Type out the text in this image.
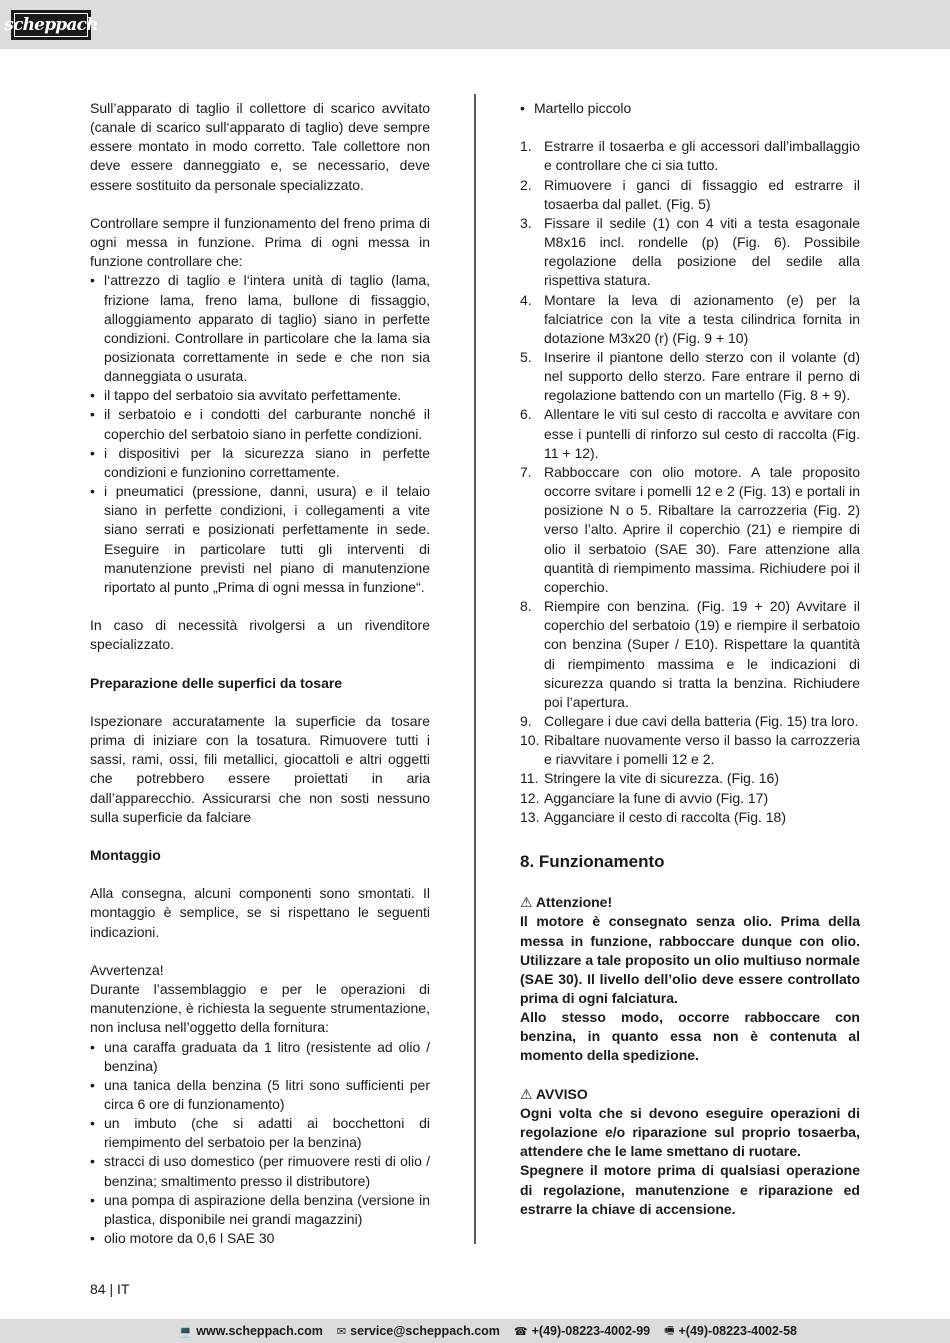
scheppach

Sull’apparato di taglio il collettore di scarico avvitato (canale di scarico sull‘apparato di taglio) deve sempre essere montato in modo corretto. Tale collettore non deve essere danneggiato e, se necessario, deve essere sostituito da personale specializzato.

Controllare sempre il funzionamento del freno prima di ogni messa in funzione. Prima di ogni messa in funzione controllare che:

• l‘attrezzo di taglio e l‘intera unità di taglio (lama, frizione lama, freno lama, bullone di fissaggio, alloggiamento apparato di taglio) siano in perfette condizioni. Controllare in particolare che la lama sia posizionata correttamente in sede e che non sia danneggiata o usurata.
• il tappo del serbatoio sia avvitato perfettamente.
• il serbatoio e i condotti del carburante nonché il coperchio del serbatoio siano in perfette condizioni.
• i dispositivi per la sicurezza siano in perfette condizioni e funzionino correttamente.
• i pneumatici (pressione, danni, usura) e il telaio siano in perfette condizioni, i collegamenti a vite siano serrati e posizionati perfettamente in sede. Eseguire in particolare tutti gli interventi di manutenzione previsti nel piano di manutenzione riportato al punto „Prima di ogni messa in funzione“.

In caso di necessità rivolgersi a un rivenditore specializzato.

Preparazione delle superfici da tosare

Ispezionare accuratamente la superficie da tosare prima di iniziare con la tosatura. Rimuovere tutti i sassi, rami, ossi, fili metallici, giocattoli e altri oggetti che potrebbero essere proiettati in aria dall’apparecchio. Assicurarsi che non sosti nessuno sulla superficie da falciare

Montaggio

Alla consegna, alcuni componenti sono smontati. Il montaggio è semplice, se si rispettano le seguenti indicazioni.

Avvertenza!

Durante l’assemblaggio e per le operazioni di manutenzione, è richiesta la seguente strumentazione, non inclusa nell’oggetto della fornitura:

• una caraffa graduata da 1 litro (resistente ad olio / benzina)
• una tanica della benzina (5 litri sono sufficienti per circa 6 ore di funzionamento)
• un imbuto (che si adatti ai bocchettoni di riempimento del serbatoio per la benzina)
• stracci di uso domestico (per rimuovere resti di olio / benzina; smaltimento presso il distributore)
• una pompa di aspirazione della benzina (versione in plastica, disponibile nei grandi magazzini)
• olio motore da 0,6 l SAE 30
• Martello piccolo
1. Estrarre il tosaerba e gli accessori dall’imballaggio e controllare che ci sia tutto.
2. Rimuovere i ganci di fissaggio ed estrarre il tosaerba dal pallet. (Fig. 5)
3. Fissare il sedile (1) con 4 viti a testa esagonale M8x16 incl. rondelle (p) (Fig. 6). Possibile regolazione della posizione del sedile alla rispettiva statura.
4. Montare la leva di azionamento (e) per la falciatrice con la vite a testa cilindrica fornita in dotazione M3x20 (r) (Fig. 9 + 10)
5. Inserire il piantone dello sterzo con il volante (d) nel supporto dello sterzo. Fare entrare il perno di regolazione battendo con un martello (Fig. 8 + 9).
6. Allentare le viti sul cesto di raccolta e avvitare con esse i puntelli di rinforzo sul cesto di raccolta (Fig. 11 + 12).
7. Rabboccare con olio motore. A tale proposito occorre svitare i pomelli 12 e 2 (Fig. 13) e portali in posizione N o 5. Ribaltare la carrozzeria (Fig. 2) verso l’alto. Aprire il coperchio (21) e riempire di olio il serbatoio (SAE 30). Fare attenzione alla quantità di riempimento massima. Richiudere poi il coperchio.
8. Riempire con benzina. (Fig. 19 + 20) Avvitare il coperchio del serbatoio (19) e riempire il serbatoio con benzina (Super / E10). Rispettare la quantità di riempimento massima e le indicazioni di sicurezza quando si tratta la benzina. Richiudere poi l’apertura.
9. Collegare i due cavi della batteria (Fig. 15) tra loro.
10. Ribaltare nuovamente verso il basso la carrozzeria e riavvitare i pomelli 12 e 2.
11. Stringere la vite di sicurezza. (Fig. 16)
12. Agganciare la fune di avvio (Fig. 17)
13. Agganciare il cesto di raccolta (Fig. 18)

8. Funzionamento

⚠ Attenzione!

Il motore è consegnato senza olio. Prima della messa in funzione, rabboccare dunque con olio. Utilizzare a tale proposito un olio multiuso normale (SAE 30). Il livello dell’olio deve essere controllato prima di ogni falciatura.

Allo stesso modo, occorre rabboccare con benzina, in quanto essa non è contenuta al momento della spedizione.

⚠ AVVISO

Ogni volta che si devono eseguire operazioni di regolazione e/o riparazione sul proprio tosaerba, attendere che le lame smettano di ruotare.

Spegnere il motore prima di qualsiasi operazione di regolazione, manutenzione e riparazione ed estrarre la chiave di accensione.

84 | IT
💻 www.scheppach.com ✉ service@scheppach.com ☎ +(49)-08223-4002-99 🖷 +(49)-08223-4002-58
